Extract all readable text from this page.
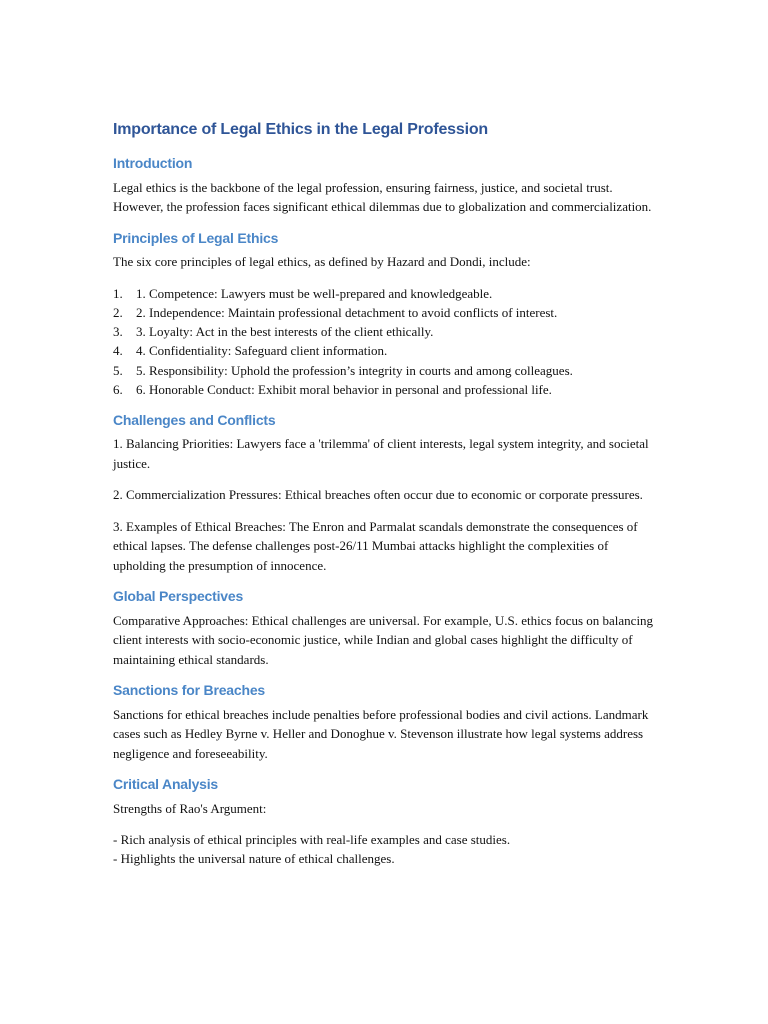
Importance of Legal Ethics in the Legal Profession
Introduction

Legal ethics is the backbone of the legal profession, ensuring fairness, justice, and societal trust. However, the profession faces significant ethical dilemmas due to globalization and commercialization.

Principles of Legal Ethics

The six core principles of legal ethics, as defined by Hazard and Dondi, include:

1. 1. Competence: Lawyers must be well-prepared and knowledgeable.
2. 2. Independence: Maintain professional detachment to avoid conflicts of interest.
3. 3. Loyalty: Act in the best interests of the client ethically.
4. 4. Confidentiality: Safeguard client information.
5. 5. Responsibility: Uphold the profession’s integrity in courts and among colleagues.
6. 6. Honorable Conduct: Exhibit moral behavior in personal and professional life.
Challenges and Conflicts

1. Balancing Priorities: Lawyers face a 'trilemma' of client interests, legal system integrity, and societal justice.

2. Commercialization Pressures: Ethical breaches often occur due to economic or corporate pressures.

3. Examples of Ethical Breaches: The Enron and Parmalat scandals demonstrate the consequences of ethical lapses. The defense challenges post-26/11 Mumbai attacks highlight the complexities of upholding the presumption of innocence.

Global Perspectives

Comparative Approaches: Ethical challenges are universal. For example, U.S. ethics focus on balancing client interests with socio-economic justice, while Indian and global cases highlight the difficulty of maintaining ethical standards.

Sanctions for Breaches

Sanctions for ethical breaches include penalties before professional bodies and civil actions. Landmark cases such as Hedley Byrne v. Heller and Donoghue v. Stevenson illustrate how legal systems address negligence and foreseeability.

Critical Analysis

Strengths of Rao's Argument:

- Rich analysis of ethical principles with real-life examples and case studies.

- Highlights the universal nature of ethical challenges.
